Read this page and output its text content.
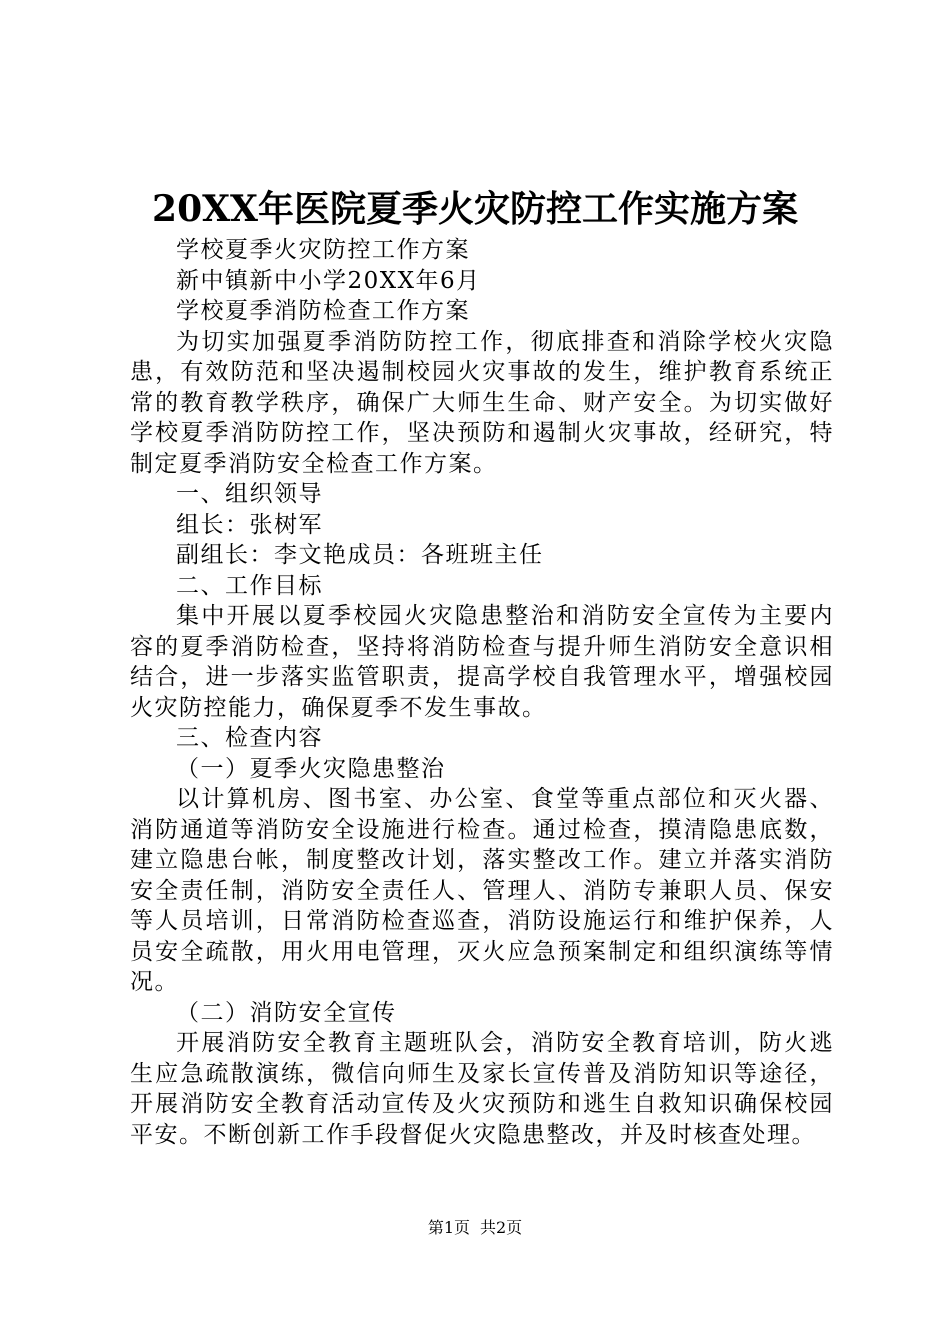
20XX年医院夏季火灾防控工作实施方案

学校夏季火灾防控工作方案

新中镇新中小学20XX年6月

学校夏季消防检查工作方案

为切实加强夏季消防防控工作，彻底排查和消除学校火灾隐患，有效防范和坚决遏制校园火灾事故的发生，维护教育系统正常的教育教学秩序，确保广大师生生命、财产安全。为切实做好学校夏季消防防控工作，坚决预防和遏制火灾事故，经研究，特制定夏季消防安全检查工作方案。

一、组织领导

组长：张树军

副组长：李文艳成员：各班班主任

二、工作目标

集中开展以夏季校园火灾隐患整治和消防安全宣传为主要内容的夏季消防检查，坚持将消防检查与提升师生消防安全意识相结合，进一步落实监管职责，提高学校自我管理水平，增强校园火灾防控能力，确保夏季不发生事故。

三、检查内容

（一）夏季火灾隐患整治

以计算机房、图书室、办公室、食堂等重点部位和灭火器、消防通道等消防安全设施进行检查。通过检查，摸清隐患底数，建立隐患台帐，制度整改计划，落实整改工作。建立并落实消防安全责任制，消防安全责任人、管理人、消防专兼职人员、保安等人员培训，日常消防检查巡查，消防设施运行和维护保养，人员安全疏散，用火用电管理，灭火应急预案制定和组织演练等情况。

（二）消防安全宣传

开展消防安全教育主题班队会，消防安全教育培训，防火逃生应急疏散演练，微信向师生及家长宣传普及消防知识等途径，开展消防安全教育活动宣传及火灾预防和逃生自救知识确保校园平安。不断创新工作手段督促火灾隐患整改，并及时核查处理。

第1页 共2页
